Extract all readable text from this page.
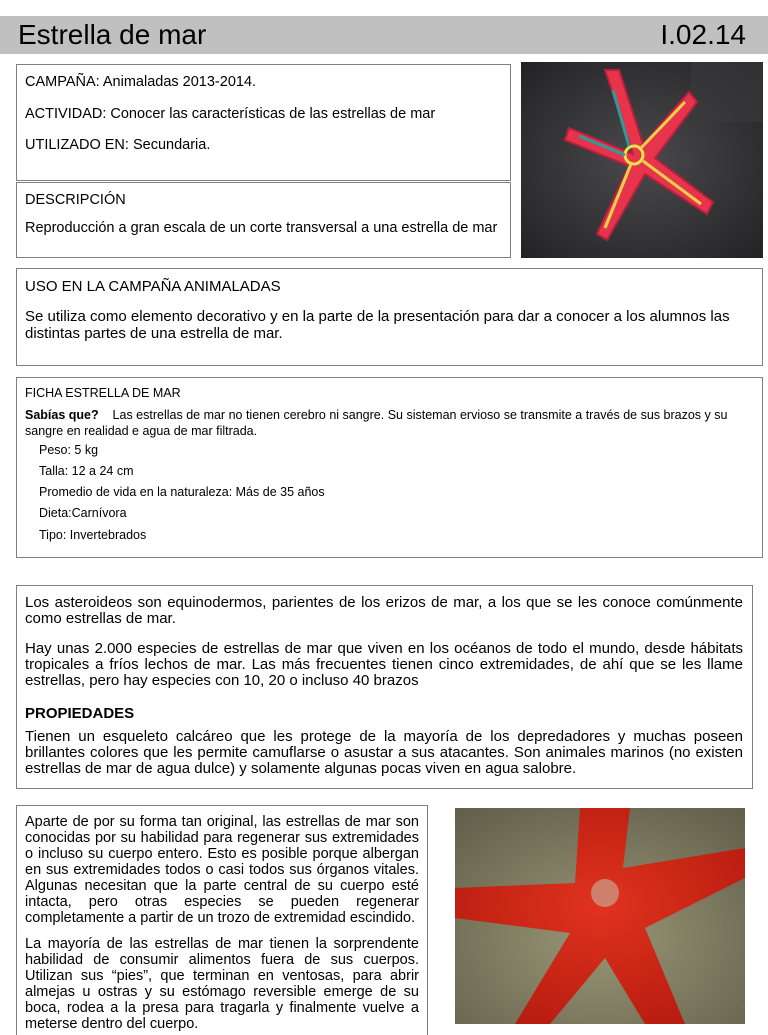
Estrella de mar	I.02.14

CAMPAÑA: Animaladas 2013-2014.

ACTIVIDAD: Conocer las características de las estrellas de mar

UTILIZADO EN: Secundaria.

DESCRIPCIÓN

Reproducción a gran escala de un corte transversal a una estrella de mar

USO EN LA CAMPAÑA ANIMALADAS

Se utiliza como elemento decorativo y en la parte de la presentación para dar a conocer a los alumnos las distintas partes de una estrella de mar.

FICHA ESTRELLA DE MAR

Sabías que? Las estrellas de mar no tienen cerebro ni sangre. Su sisteman ervioso se transmite a través de sus brazos y su sangre en realidad e agua de mar filtrada.

Peso: 5 kg

Talla: 12 a 24 cm

Promedio de vida en la naturaleza: Más de 35 años

Dieta:Carnívora

Tipo: Invertebrados

Los asteroideos son equinodermos, parientes de los erizos de mar, a los que se les conoce comúnmente como estrellas de mar.

Hay unas 2.000 especies de estrellas de mar que viven en los océanos de todo el mundo, desde hábitats tropicales a fríos lechos de mar. Las más frecuentes tienen cinco extremidades, de ahí que se les llame estrellas, pero hay especies con 10, 20 o incluso 40 brazos

PROPIEDADES

Tienen un esqueleto calcáreo que les protege de la mayoría de los depredadores y muchas poseen brillantes colores que les permite camuflarse o asustar a sus atacantes. Son animales marinos (no existen estrellas de mar de agua dulce) y solamente algunas pocas viven en agua salobre.

Aparte de por su forma tan original, las estrellas de mar son conocidas por su habilidad para regenerar sus extremidades o incluso su cuerpo entero. Esto es posible porque albergan en sus extremidades todos o casi todos sus órganos vitales. Algunas necesitan que la parte central de su cuerpo esté intacta, pero otras especies se pueden regenerar completamente a partir de un trozo de extremidad escindido.

La mayoría de las estrellas de mar tienen la sorprendente habilidad de consumir alimentos fuera de sus cuerpos. Utilizan sus “pies”, que terminan en ventosas, para abrir almejas u ostras y su estómago reversible emerge de su boca, rodea a la presa para tragarla y finalmente vuelve a meterse dentro del cuerpo.
